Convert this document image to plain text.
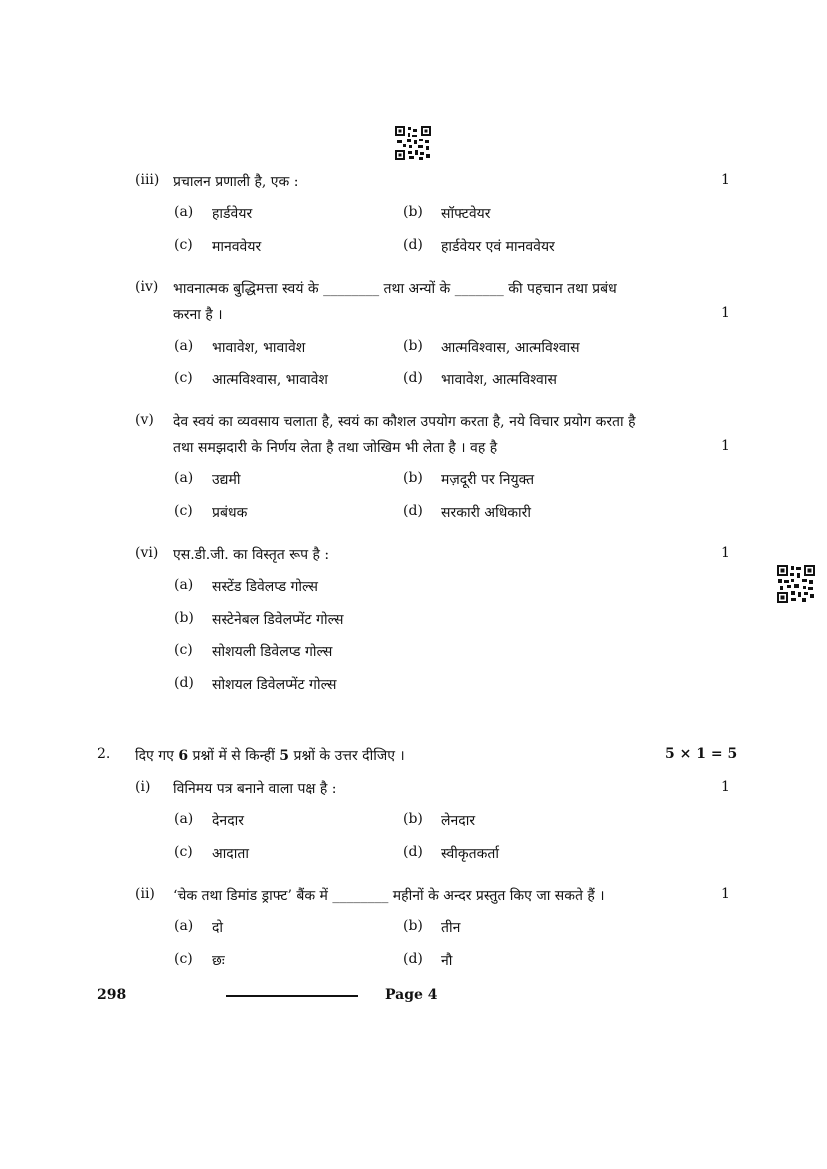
(iii) प्रचालन प्रणाली है, एक :	1
(a) हार्डवेयर	(b) सॉफ्टवेयर
(c) मानववेयर	(d) हार्डवेयर एवं मानववेयर
(iv) भावनात्मक बुद्धिमत्ता स्वयं के ________ तथा अन्यों के _______ की पहचान तथा प्रबंध
करना है ।	1
(a) भावावेश, भावावेश	(b) आत्मविश्वास, आत्मविश्वास
(c) आत्मविश्वास, भावावेश	(d) भावावेश, आत्मविश्वास
(v) देव स्वयं का व्यवसाय चलाता है, स्वयं का कौशल उपयोग करता है, नये विचार प्रयोग करता है
तथा समझदारी के निर्णय लेता है तथा जोखिम भी लेता है । वह है	1
(a) उद्यमी	(b) मज़दूरी पर नियुक्त
(c) प्रबंधक	(d) सरकारी अधिकारी
(vi) एस.डी.जी. का विस्तृत रूप है :	1
(a) सस्टेंड डिवेलप्ड गोल्स
(b) सस्टेनेबल डिवेलप्मेंट गोल्स
(c) सोशयली डिवेलप्ड गोल्स
(d) सोशयल डिवेलप्मेंट गोल्स
2. दिए गए 6 प्रश्नों में से किन्हीं 5 प्रश्नों के उत्तर दीजिए ।	5 × 1 = 5
(i) विनिमय पत्र बनाने वाला पक्ष है :	1
(a) देनदार	(b) लेनदार
(c) आदाता	(d) स्वीकृतकर्ता
(ii) ‘चेक तथा डिमांड ड्राफ्ट’ बैंक में ________ महीनों के अन्दर प्रस्तुत किए जा सकते हैं ।	1
(a) दो	(b) तीन
(c) छः	(d) नौ
298	Page 4
